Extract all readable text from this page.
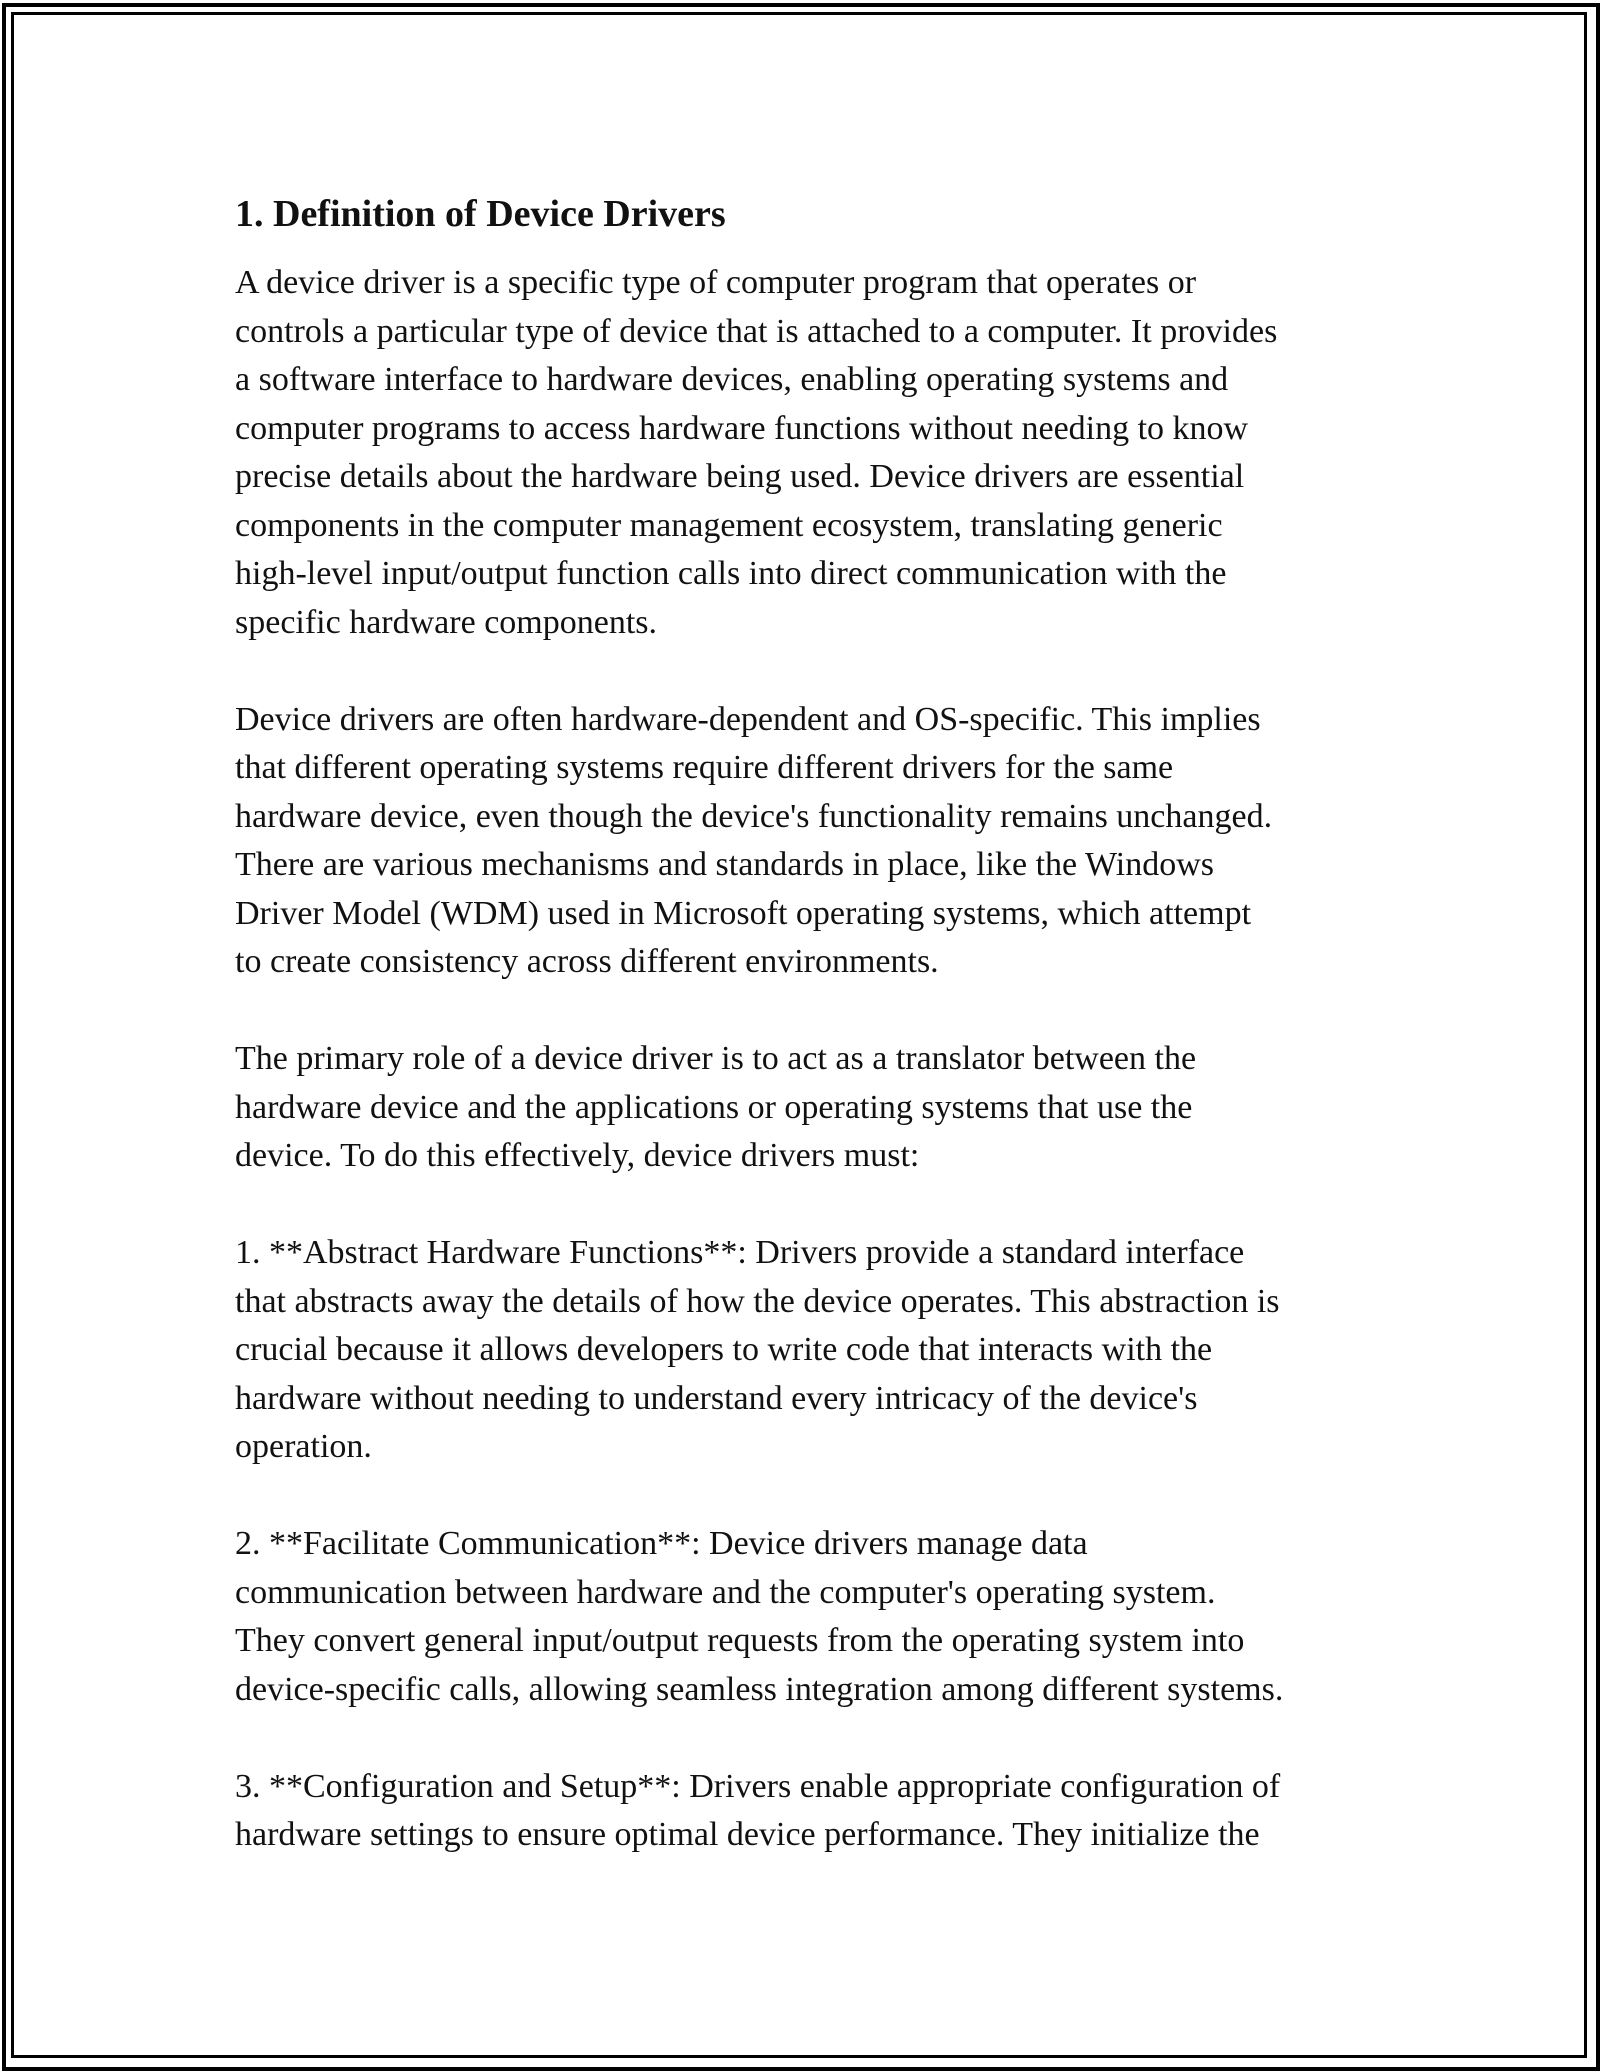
1. Definition of Device Drivers

A device driver is a specific type of computer program that operates or
controls a particular type of device that is attached to a computer. It provides
a software interface to hardware devices, enabling operating systems and
computer programs to access hardware functions without needing to know
precise details about the hardware being used. Device drivers are essential
components in the computer management ecosystem, translating generic
high-level input/output function calls into direct communication with the
specific hardware components.

Device drivers are often hardware-dependent and OS-specific. This implies
that different operating systems require different drivers for the same
hardware device, even though the device's functionality remains unchanged.
There are various mechanisms and standards in place, like the Windows
Driver Model (WDM) used in Microsoft operating systems, which attempt
to create consistency across different environments.

The primary role of a device driver is to act as a translator between the
hardware device and the applications or operating systems that use the
device. To do this effectively, device drivers must:

1. **Abstract Hardware Functions**: Drivers provide a standard interface
that abstracts away the details of how the device operates. This abstraction is
crucial because it allows developers to write code that interacts with the
hardware without needing to understand every intricacy of the device's
operation.

2. **Facilitate Communication**: Device drivers manage data
communication between hardware and the computer's operating system.
They convert general input/output requests from the operating system into
device-specific calls, allowing seamless integration among different systems.

3. **Configuration and Setup**: Drivers enable appropriate configuration of
hardware settings to ensure optimal device performance. They initialize the
